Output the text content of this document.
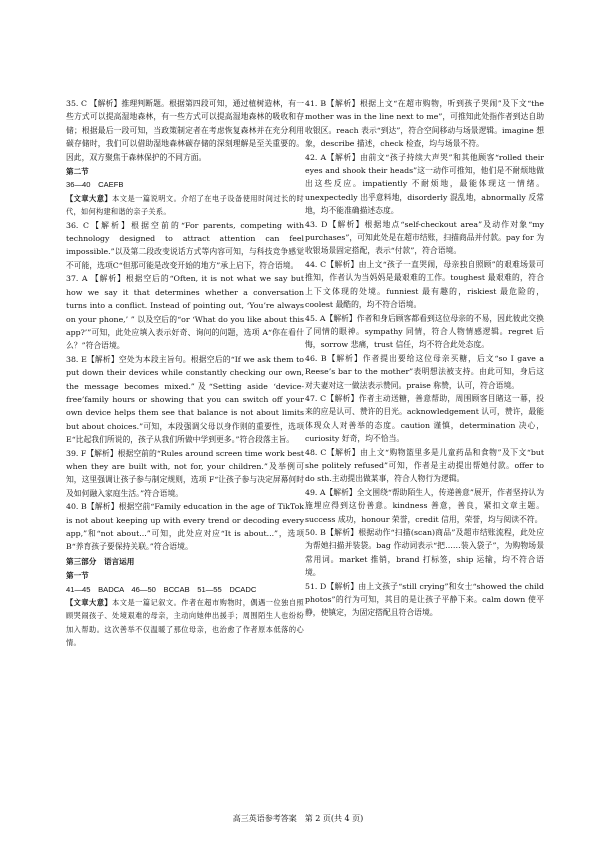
35. C 【解析】推理判断题。根据第四段可知，通过植树造林，有一些方式可以提高湿地森林，有一些方式可以提高湿地森林的吸收和存储；根据最后一段可知，当政策制定者在考虑恢复森林并在充分利用碳存储时，我们可以借助湿地森林碳存储的深刻理解是至关重要的。因此，双方聚焦于森林保护的不同方面。

第二节

36—40　CAEFB

【文章大意】本文是一篇说明文。介绍了在电子设备使用时间过长的时代，如何构建和谐的亲子关系。

36. C【解析】根据空前的“For parents, competing with technology designed to attract attention can feel impossible.”以及第二段改变说话方式等内容可知，与科技竞争感觉不可能，选项C“但那可能是改变开始的地方”承上启下，符合语境。

37. A 【解析】根据空后的“Often, it is not what we say but how we say it that determines whether a conversation turns into a conflict. Instead of pointing out, ‘You’re always on your phone,’ ” 以及空后的“or ‘What do you like about this app?’”可知，此处应填入表示好奇、询问的问题，选项 A“你在看什么？”符合语境。

38. E【解析】空处为本段主旨句。根据空后的“If we ask them to put down their devices while constantly checking our own, the message becomes mixed.”及“Setting aside ‘device-free’family hours or showing that you can switch off your own device helps them see that balance is not about limits but about choices.”可知，本段强调父母以身作则的重要性，选项 E“比起我们所说的，孩子从我们所做中学到更多。”符合段落主旨。

39. F【解析】根据空前的“Rules around screen time work best when they are built with, not for, your children.”及举例可知，这里强调让孩子参与制定规则，选项 F“让孩子参与决定屏幕何时及如何融入家庭生活。”符合语境。

40. B【解析】根据空前“Family education in the age of TikTok is not about keeping up with every trend or decoding every app,”和“not about...”可知，此处应对应“It is about...”，选项 B“养育孩子要保持关联。”符合语境。

第三部分　语言运用

第一节

41—45　BADCA　46—50　BCCAB　51—55　DCADC

【文章大意】本文是一篇记叙文。作者在超市购物时，偶遇一位独自照顾哭闹孩子、处境艰难的母亲，主动向她伸出援手；周围陌生人也纷纷加入帮助。这次善举不仅温暖了那位母亲，也治愈了作者原本低落的心情。

41. B【解析】根据上文“在超市购物，听到孩子哭闹”及下文“the mother was in the line next to me”，可推知此处指作者到达自助收银区。reach 表示“到达”，符合空间移动与场景逻辑。imagine 想象，describe 描述，check 检查，均与场景不符。

42. A【解析】由前文“孩子持续大声哭”和其他顾客“rolled their eyes and shook their heads”这一动作可推知，他们是不耐烦地做出这些反应。impatiently 不耐烦地，最能体现这一情绪。unexpectedly 出乎意料地，disorderly 混乱地，abnormally 反常地，均不能准确描述态度。

43. D【解析】根据地点“self-checkout area”及动作对象“my purchases”，可知此处是在超市结账，扫描商品并付款。pay for 为收银场景固定搭配，表示“付款”，符合语境。

44. C【解析】由上文“孩子一直哭闹，母亲独自照顾”的艰难场景可推知，作者认为当妈妈是最艰难的工作。toughest 最艰难的，符合上下文体现的处境。funniest 最有趣的，riskiest 最危险的，coolest 最酷的，均不符合语境。

45. A【解析】作者和身后顾客都看到这位母亲的不易，因此彼此交换了同情的眼神。sympathy 同情，符合人物情感逻辑。regret 后悔，sorrow 悲痛，trust 信任，均不符合此处态度。

46. B【解析】作者提出要给这位母亲买糖，后文“so I gave a Reese’s bar to the mother”表明想法被支持。由此可知，身后这对夫妻对这一做法表示赞同。praise 称赞，认可，符合语境。

47. C【解析】作者主动送糖，善意帮助，周围顾客目睹这一幕，投来的应是认可、赞许的目光。acknowledgement 认可，赞许，最能体现众人对善举的态度。caution 谨慎，determination 决心，curiosity 好奇，均不恰当。

48. C【解析】由上文“购物篮里多是儿童药品和食物”及下文“but she politely refused”可知，作者是主动提出帮她付款。offer to do sth.主动提出做某事，符合人物行为逻辑。

49. A【解析】全文围绕“帮助陌生人，传递善意”展开，作者坚持认为施埋应得到这份善意。kindness 善意，善良，紧扣文章主题。success 成功，honour 荣誉，credit 信用，荣誉，均与阅读不符。

50. B【解析】根据动作“扫描(scan)商品”及超市结账流程，此处应为帮她扫描并装袋。bag 作动词表示“把……装入袋子”，为购物场景常用词。market 推销，brand 打标签，ship 运输，均不符合语境。

51. D【解析】由上文孩子“still crying”和女士“showed the child photos”的行为可知，其目的是让孩子平静下来。calm down 使平静，使镇定，为固定搭配且符合语境。

高三英语参考答案　第 2 页(共 4 页)
